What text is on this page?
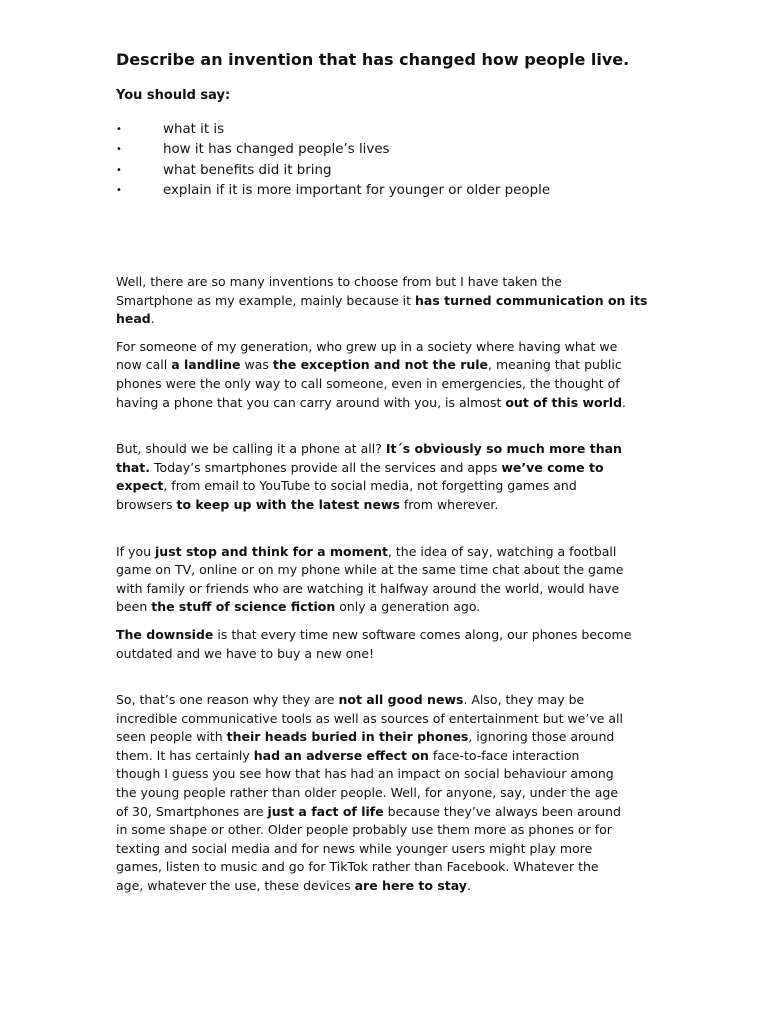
Describe an invention that has changed how people live.

You should say:

•	what it is
•	how it has changed people’s lives
•	what benefits did it bring
•	explain if it is more important for younger or older people

Well, there are so many inventions to choose from but I have taken the
Smartphone as my example, mainly because it has turned communication on its
head.

For someone of my generation, who grew up in a society where having what we
now call a landline was the exception and not the rule, meaning that public
phones were the only way to call someone, even in emergencies, the thought of
having a phone that you can carry around with you, is almost out of this world.

But, should we be calling it a phone at all? It´s obviously so much more than
that. Today’s smartphones provide all the services and apps we’ve come to
expect, from email to YouTube to social media, not forgetting games and
browsers to keep up with the latest news from wherever.

If you just stop and think for a moment, the idea of say, watching a football
game on TV, online or on my phone while at the same time chat about the game
with family or friends who are watching it halfway around the world, would have
been the stuff of science fiction only a generation ago.

The downside is that every time new software comes along, our phones become
outdated and we have to buy a new one!

So, that’s one reason why they are not all good news. Also, they may be
incredible communicative tools as well as sources of entertainment but we’ve all
seen people with their heads buried in their phones, ignoring those around
them. It has certainly had an adverse effect on face-to-face interaction
though I guess you see how that has had an impact on social behaviour among
the young people rather than older people. Well, for anyone, say, under the age
of 30, Smartphones are just a fact of life because they’ve always been around
in some shape or other. Older people probably use them more as phones or for
texting and social media and for news while younger users might play more
games, listen to music and go for TikTok rather than Facebook. Whatever the
age, whatever the use, these devices are here to stay.
